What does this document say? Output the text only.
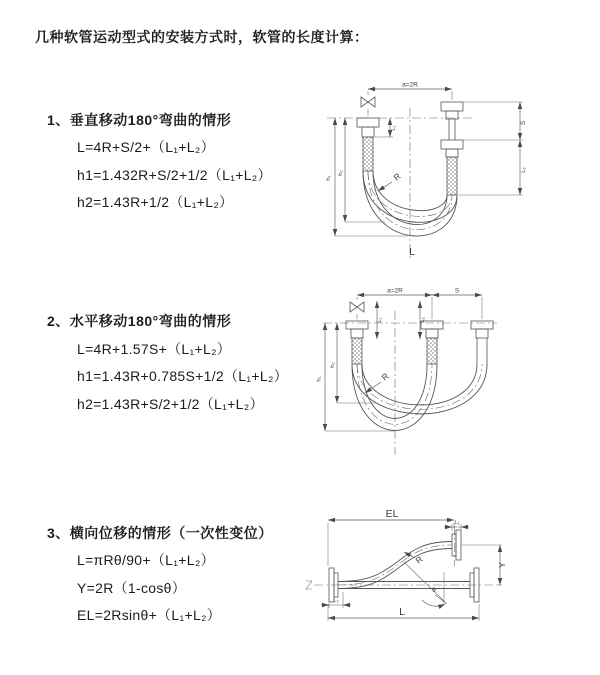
几种软管运动型式的安装方式时，软管的长度计算：
1、垂直移动180°弯曲的情形
L=4R+S/2+（L₁+L₂）
h1=1.432R+S/2+1/2（L₁+L₂）
h2=1.43R+1/2（L₁+L₂）
2、水平移动180°弯曲的情形
L=4R+1.57S+（L₁+L₂）
h1=1.43R+0.785S+1/2（L₁+L₂）
h2=1.43R+S/2+1/2（L₁+L₂）
3、横向位移的情形（一次性变位）
L=πRθ/90+（L₁+L₂）
Y=2R（1-cosθ）
EL=2Rsinθ+（L₁+L₂）
a=2R
S
L₂
L₁
h₁
h₂	R
L
a=2R	S
L₁	L₂
h₁
h₂
R
EL
L₁
Y
L
L₂
θ
R
